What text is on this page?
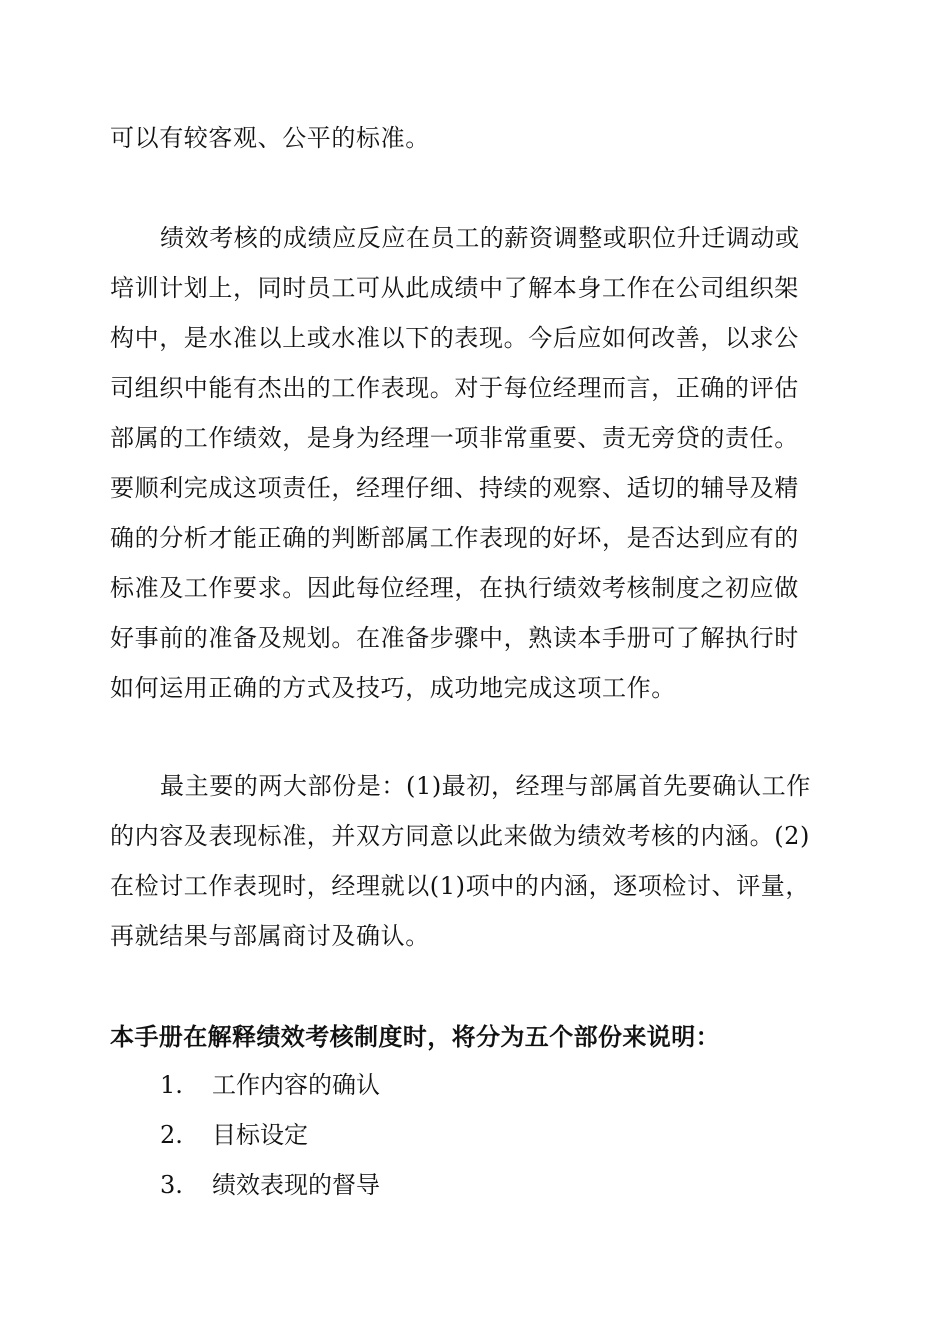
可以有较客观、公平的标准。
绩效考核的成绩应反应在员工的薪资调整或职位升迁调动或
培训计划上，同时员工可从此成绩中了解本身工作在公司组织架
构中，是水准以上或水准以下的表现。今后应如何改善，以求公
司组织中能有杰出的工作表现。对于每位经理而言，正确的评估
部属的工作绩效，是身为经理一项非常重要、责无旁贷的责任。
要顺利完成这项责任，经理仔细、持续的观察、适切的辅导及精
确的分析才能正确的判断部属工作表现的好坏，是否达到应有的
标准及工作要求。因此每位经理，在执行绩效考核制度之初应做
好事前的准备及规划。在准备步骤中，熟读本手册可了解执行时
如何运用正确的方式及技巧，成功地完成这项工作。
最主要的两大部份是：(1)最初，经理与部属首先要确认工作
的内容及表现标准，并双方同意以此来做为绩效考核的内涵。(2)
在检讨工作表现时，经理就以(1)项中的内涵，逐项检讨、评量，
再就结果与部属商讨及确认。
本手册在解释绩效考核制度时，将分为五个部份来说明：
1. 工作内容的确认
2. 目标设定
3. 绩效表现的督导
